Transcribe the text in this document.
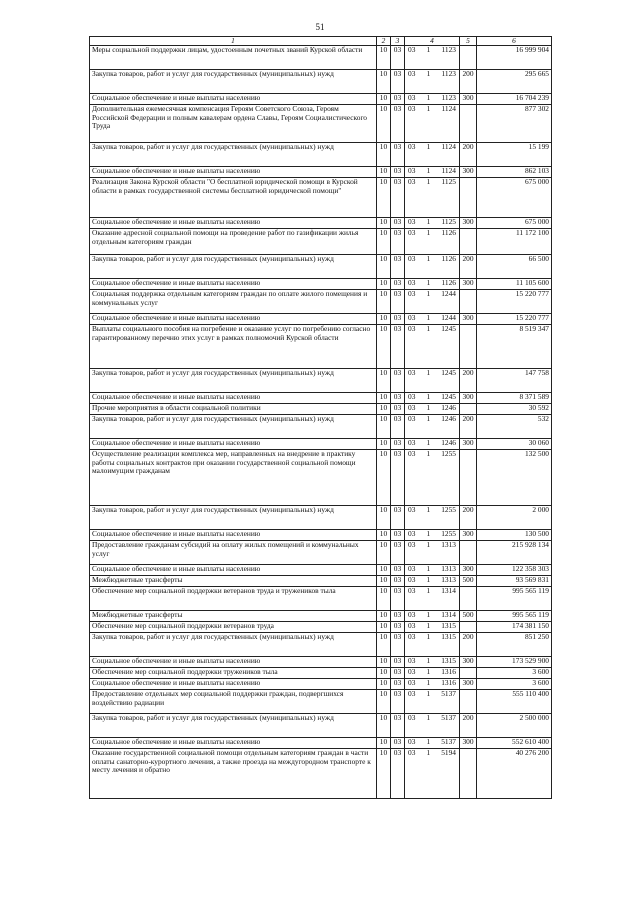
51
1	2	3	4	5	6
Меры социальной поддержки лицам, удостоенным почетных званий Курской области	10	03	03 1 1123		16 999 904
Закупка товаров, работ и услуг для государственных (муниципальных) нужд	10	03	03 1 1123	200	295 665
Социальное обеспечение и иные выплаты населению	10	03	03 1 1123	300	16 704 239
Дополнительная ежемесячная компенсация Героям Советского Союза, Героям Российской Федерации и полным кавалерам ордена Славы, Героям Социалистического Труда	10	03	03 1 1124		877 302
Закупка товаров, работ и услуг для государственных (муниципальных) нужд	10	03	03 1 1124	200	15 199
Социальное обеспечение и иные выплаты населению	10	03	03 1 1124	300	862 103
Реализация Закона Курской области "О бесплатной юридической помощи в Курской области в рамках государственной системы бесплатной юридической помощи"	10	03	03 1 1125		675 000
Социальное обеспечение и иные выплаты населению	10	03	03 1 1125	300	675 000
Оказание адресной социальной помощи на проведение работ по газификации жилья отдельным категориям граждан	10	03	03 1 1126		11 172 100
Закупка товаров, работ и услуг для государственных (муниципальных) нужд	10	03	03 1 1126	200	66 500
Социальное обеспечение и иные выплаты населению	10	03	03 1 1126	300	11 105 600
Социальная поддержка отдельным категориям граждан по оплате жилого помещения и коммунальных услуг	10	03	03 1 1244		15 220 777
Социальное обеспечение и иные выплаты населению	10	03	03 1 1244	300	15 220 777
Выплаты социального пособия на погребение и оказание услуг по погребению согласно гарантированному перечню этих услуг в рамках полномочий Курской области	10	03	03 1 1245		8 519 347
Закупка товаров, работ и услуг для государственных (муниципальных) нужд	10	03	03 1 1245	200	147 758
Социальное обеспечение и иные выплаты населению	10	03	03 1 1245	300	8 371 589
Прочие мероприятия в области социальной политики	10	03	03 1 1246		30 592
Закупка товаров, работ и услуг для государственных (муниципальных) нужд	10	03	03 1 1246	200	532
Социальное обеспечение и иные выплаты населению	10	03	03 1 1246	300	30 060
Осуществление реализации комплекса мер, направленных на внедрение в практику работы социальных контрактов при оказании государственной социальной помощи малоимущим гражданам	10	03	03 1 1255		132 500
Закупка товаров, работ и услуг для государственных (муниципальных) нужд	10	03	03 1 1255	200	2 000
Социальное обеспечение и иные выплаты населению	10	03	03 1 1255	300	130 500
Предоставление гражданам субсидий на оплату жилых помещений и коммунальных услуг	10	03	03 1 1313		215 928 134
Социальное обеспечение и иные выплаты населению	10	03	03 1 1313	300	122 358 303
Межбюджетные трансферты	10	03	03 1 1313	500	93 569 831
Обеспечение мер социальной поддержки ветеранов труда и тружеников тыла	10	03	03 1 1314		995 565 119
Межбюджетные трансферты	10	03	03 1 1314	500	995 565 119
Обеспечение мер социальной поддержки ветеранов труда	10	03	03 1 1315		174 381 150
Закупка товаров, работ и услуг для государственных (муниципальных) нужд	10	03	03 1 1315	200	851 250
Социальное обеспечение и иные выплаты населению	10	03	03 1 1315	300	173 529 900
Обеспечение мер социальной поддержки тружеников тыла	10	03	03 1 1316		3 600
Социальное обеспечение и иные выплаты населению	10	03	03 1 1316	300	3 600
Предоставление отдельных мер социальной поддержки граждан, подвергшихся воздействию радиации	10	03	03 1 5137		555 110 400
Закупка товаров, работ и услуг для государственных (муниципальных) нужд	10	03	03 1 5137	200	2 500 000
Социальное обеспечение и иные выплаты населению	10	03	03 1 5137	300	552 610 400
Оказание государственной социальной помощи отдельным категориям граждан в части оплаты санаторно-курортного лечения, а также проезда на междугородном транспорте к месту лечения и обратно	10	03	03 1 5194		40 276 200
